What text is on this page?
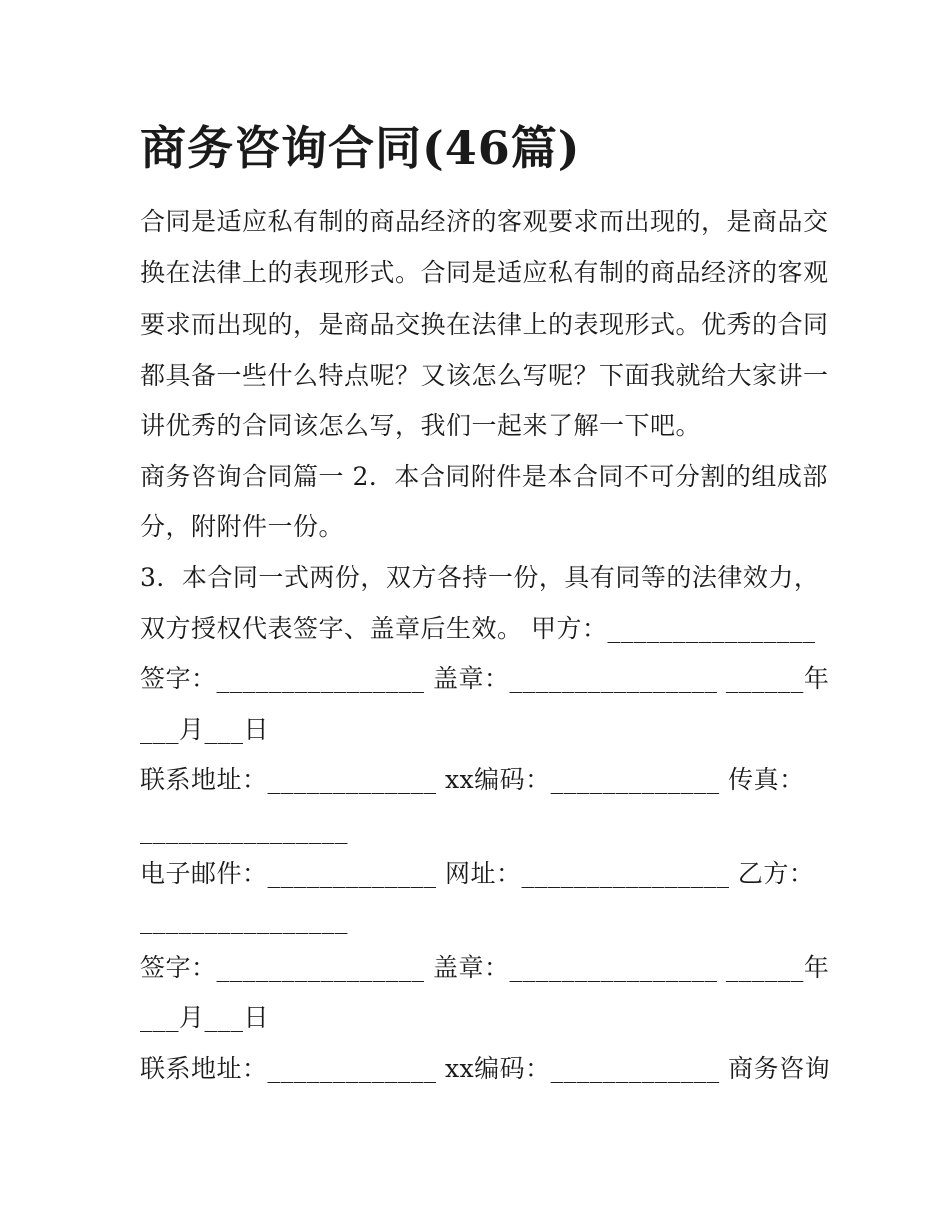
商务咨询合同(46篇)
合同是适应私有制的商品经济的客观要求而出现的，是商品交
换在法律上的表现形式。合同是适应私有制的商品经济的客观
要求而出现的，是商品交换在法律上的表现形式。优秀的合同
都具备一些什么特点呢？又该怎么写呢？下面我就给大家讲一
讲优秀的合同该怎么写，我们一起来了解一下吧。
商务咨询合同篇一 2．本合同附件是本合同不可分割的组成部
分，附附件一份。
3．本合同一式两份，双方各持一份，具有同等的法律效力，
双方授权代表签字、盖章后生效。 甲方：________________
签字：________________ 盖章：________________ ______年
___月___日
联系地址：_____________ xx编码：_____________ 传真：
________________
电子邮件：_____________ 网址：________________ 乙方：
________________
签字：________________ 盖章：________________ ______年
___月___日
联系地址：_____________ xx编码：_____________ 商务咨询
